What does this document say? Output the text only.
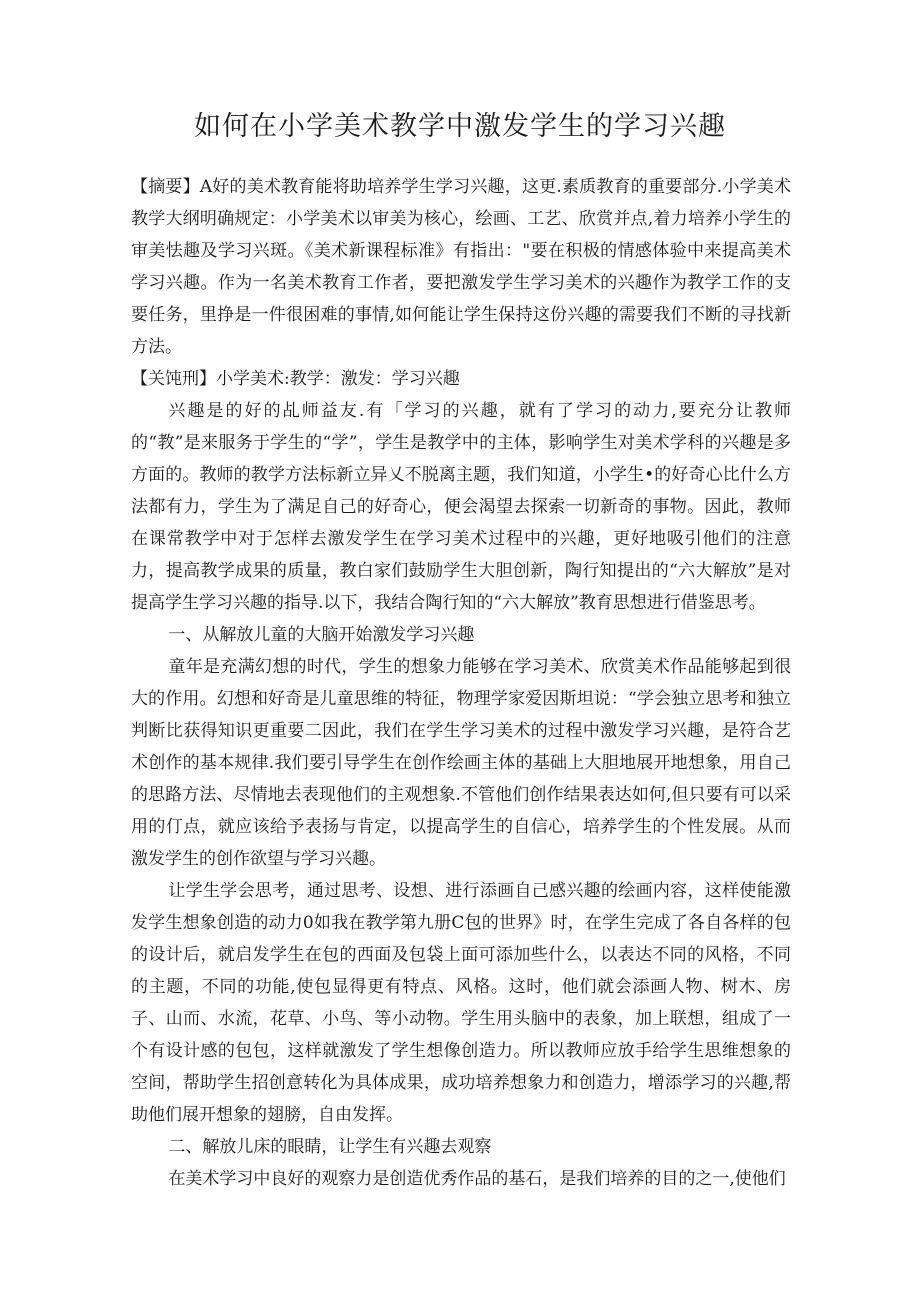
如何在小学美术教学中激发学生的学习兴趣

【摘要】A好的美术教育能将助培养学生学习兴趣，这更.素质教育的重要部分.小学美术教学大纲明确规定：小学美术以审美为核心，绘画、工艺、欣赏并点,着力培养小学生的审美怯趣及学习兴斑。《美术新课程标准》有指出："要在积极的情感体验中来提高美术学习兴趣。作为一名美术教育工作者，要把激发学生学习美术的兴趣作为教学工作的支要任务，里挣是一件很困难的事情,如何能让学生保持这份兴趣的需要我们不断的寻找新方法。

【关饨刑】小学美术:教学：激发：学习兴趣

兴趣是的好的乩师益友.有「学习的兴趣，就有了学习的动力,要充分让教师的“教”是来服务于学生的“学”，学生是教学中的主体，影响学生对美术学科的兴趣是多方面的。教师的教学方法标新立异乂不脱离主题，我们知道，小学生•的好奇心比什么方法都有力，学生为了满足自己的好奇心，便会渴望去探索一切新奇的事物。因此，教师在课常教学中对于怎样去激发学生在学习美术过程中的兴趣，更好地吸引他们的注意力，提高教学成果的质量，教白家们鼓励学生大胆创新，陶行知提出的“六大解放”是对提高学生学习兴趣的指导.以下，我结合陶行知的“六大解放”教育思想进行借鉴思考。

一、从解放儿童的大脑开始激发学习兴趣

童年是充满幻想的时代，学生的想象力能够在学习美术、欣赏美术作品能够起到很大的作用。幻想和好奇是儿童思维的特征，物理学家爱因斯坦说：“学会独立思考和独立判断比获得知识更重要二因此，我们在学生学习美术的过程中激发学习兴趣，是符合艺术创作的基本规律.我们要引导学生在创作绘画主体的基础上大胆地展开地想象，用自己的思路方法、尽情地去表现他们的主观想象.不管他们创作结果表达如何,但只要有可以采用的仃点，就应该给予表扬与肯定，以提高学生的自信心，培养学生的个性发展。从而激发学生的创作欲望与学习兴趣。

让学生学会思考，通过思考、设想、进行添画自己感兴趣的绘画内容，这样使能激发学生想象创造的动力0如我在教学第九册C包的世界》时，在学生完成了各自各样的包的设计后，就启发学生在包的西面及包袋上面可添加些什么，以表达不同的风格，不同的主题，不同的功能,使包显得更有特点、风格。这时，他们就会添画人物、树木、房子、山而、水流，花草、小鸟、等小动物。学生用头脑中的表象，加上联想，组成了一个有设计感的包包，这样就激发了学生想像创造力。所以教师应放手给学生思维想象的空间，帮助学生招创意转化为具体成果，成功培养想象力和创造力，增添学习的兴趣,帮助他们展开想象的翅膀，自由发挥。

二、解放儿床的眼睛，让学生有兴趣去观察

在美术学习中良好的观察力是创造优秀作品的基石，是我们培养的目的之一,使他们
